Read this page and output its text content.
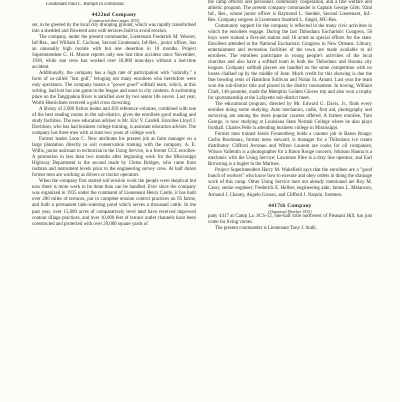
Lieutenant Paul L. Rumph in command.

4422nd Company
(Constructed three pages 1935)

set, to be greeted by the local city drooping ground, which was rapidly transformed into a shedded and flowered area with terraces built to avoid erosion.

The company, under the present commander, Lieutenant Frederick M. Weaver, Inf-Res., and William E. Cochran, Second Lieutenant, Inf-Res., junior officer, has an unusually high morale with but one desertion in 18 months. Project Superintendent G. H. Moore reports only one lost time accident since November, 1938, while one crew has worked over 18,000 man-days without a lost-time accident.

Additionally, the company has a high rate of participation with "subrally," a form of so-called "lost golf," bringing out many enrollees who heretofore were only spectators. The company boasts a "power good" softball team, which, at this writing, had lost but one game in the league and none in city contests. A swimming place on the Tangipahoa River is satisfied over by two senior life savers. Last year, Worth Henrichsen received a gold cross drowning.

A library of 2,000 fiction books and 450 reference volumes, combined with one of the best reading rooms in the sub-district, gives the enrollees good reading and study facilities. The new education adviser is Mr. Eric V. Cardell. Enrollee Lloyd J. Davidson, who has had business college training, is assistant education adviser. The company has three men with at least two years of college work.

Former leader Leon C. New attributes his present job as farm manager on a large plantation directly to soil conservation training with the company. A. E. Willis, junior assistant to technician in the Using Service, is a former CCC enrollee. A promotion in less than two months after beginning work for the Mississippi Highway Department is the second made by Cletus Bridges, who came from rodman and instrument levels prior to the engineering survey crew. At half dozen former men are working as drivers or tractor operators.

When the company first started soil erosion work the people were skeptical but now there is more work to be done than can be handled. Ever since the company was organized in 1935 under the command of Lieutenant Henry Castle, it has built over 200 miles of terraces, put in complete erosion control practices on 95 farms, and built a permanent tank-watering pond which serves a thousand cattle. In the past year, over 15,000 acres of comparatively level land have received improved contour tillage practices, and over 10,000 feet of terrace outlet channels have been constructed and protected with over 20,000 square yards of

the camp officers and personnel, community cooperation, and a fine welfare and athletic program. The present company commander is Captain George Gibb, 92nd Inf., Res., whose junior officer is Raymond L. Sneider, Second Lieutenant, Inf.-Res. Company surgeon is Lieutenant Stanford L. Siegel, MC-Res.

Community support for the company is reflected in the many civic activities in which the enrollees engage. During the last Thibodaux Eucharistic Congress, 58 boys were trained a first-aid station and 16 acted as special efforts for the state. Enrollees attended at the National Eucharistic Congress in New Orleans. Library, entertainment and recreation facilities of the town are made available to all enrollees. The enrollees participate in young people's activities of the local churches and also have a softball team in both the Thibodaux and Houma city leagues. Company softball players are handled on the same competition with no losses chalked up by the middle of June. Much credit for this showing is due the fine bowling rents of Hamilton Sullivan and Nolan St. Amant. Last year the team won the sub-district title and placed in the district tournament. In boxing, William Clark, 146-pounder, made the Memphis Golden Gloves trip and also won a trophy for sportsmanship at the Lafayette sub-district meet.

The educational program, directed by Mr. Edward G. Davis, Jr., finds every enrollee doing some studying. Auto mechanics, radio, first aid, photography and surveying are among the more popular courses offered. A former enrollee, Tom George, is now studying at Louisiana State Normal College where he also plays football. Charles Pelle is attending business college in Mississippi.

Former men trained Jessie Fromenberg holds a counter job in Baton Rouge; Carlin Boutreaux, former mess steward, is manager for a Thibodaux ice cream distributor; Clifford Arcenau and Wilton Laurent are cooks for oil companies; Wilson Vallentin is a photographer for a Baton Rouge concern; Johnson Hanna is a mechanic with the Using Service; Lawrence Pitre is a dray line operator, and Earl Browning is a bugler in the Marines.

Project Superintendent Harry M. Wakefield says that the enrollees are a "good bunch of workers" who know how to execute and obey orders in doing the drainage work of this camp. Other Using Service men not already mentioned are Roy M. Cassy, senior engineer; Frederick E. Hellier, engineering aide; James L. Melancon, Armand J. Chaney, Angelo Grosso, and Clifford J. Naquin, foremen.

4417th Company
(Organized Marches 1935)

pany 4417 at Camp La. SCS-12, one-half mile northwest of Pleasant Hill, has just come for living vorses.

The present commander is Lieutenant Tony J. Stahl,
